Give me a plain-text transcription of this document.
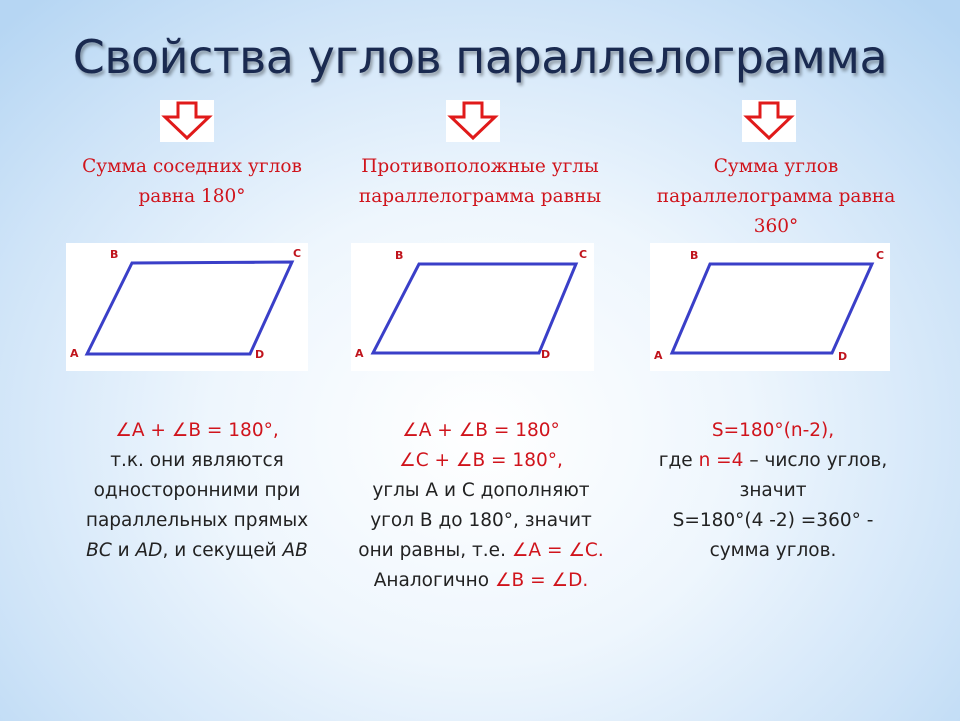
Свойства углов параллелограмма
Сумма соседних углов
равна 180°
Противоположные углы
параллелограмма равны
Сумма углов
параллелограмма равна
360°
B	C
A	D
B	C
A	D
B	C
A	D
∠A + ∠B = 180°,
т.к. они являются
односторонними при
параллельных прямых
BC и AD, и секущей AB
∠A + ∠B = 180°
∠C + ∠B = 180°,
углы А и С дополняют
угол В до 180°, значит
они равны, т.е. ∠A = ∠C.
Аналогично ∠B = ∠D.
S=180°(n-2),
где n =4 – число углов,
значит
S=180°(4 -2) =360° -
сумма углов.
